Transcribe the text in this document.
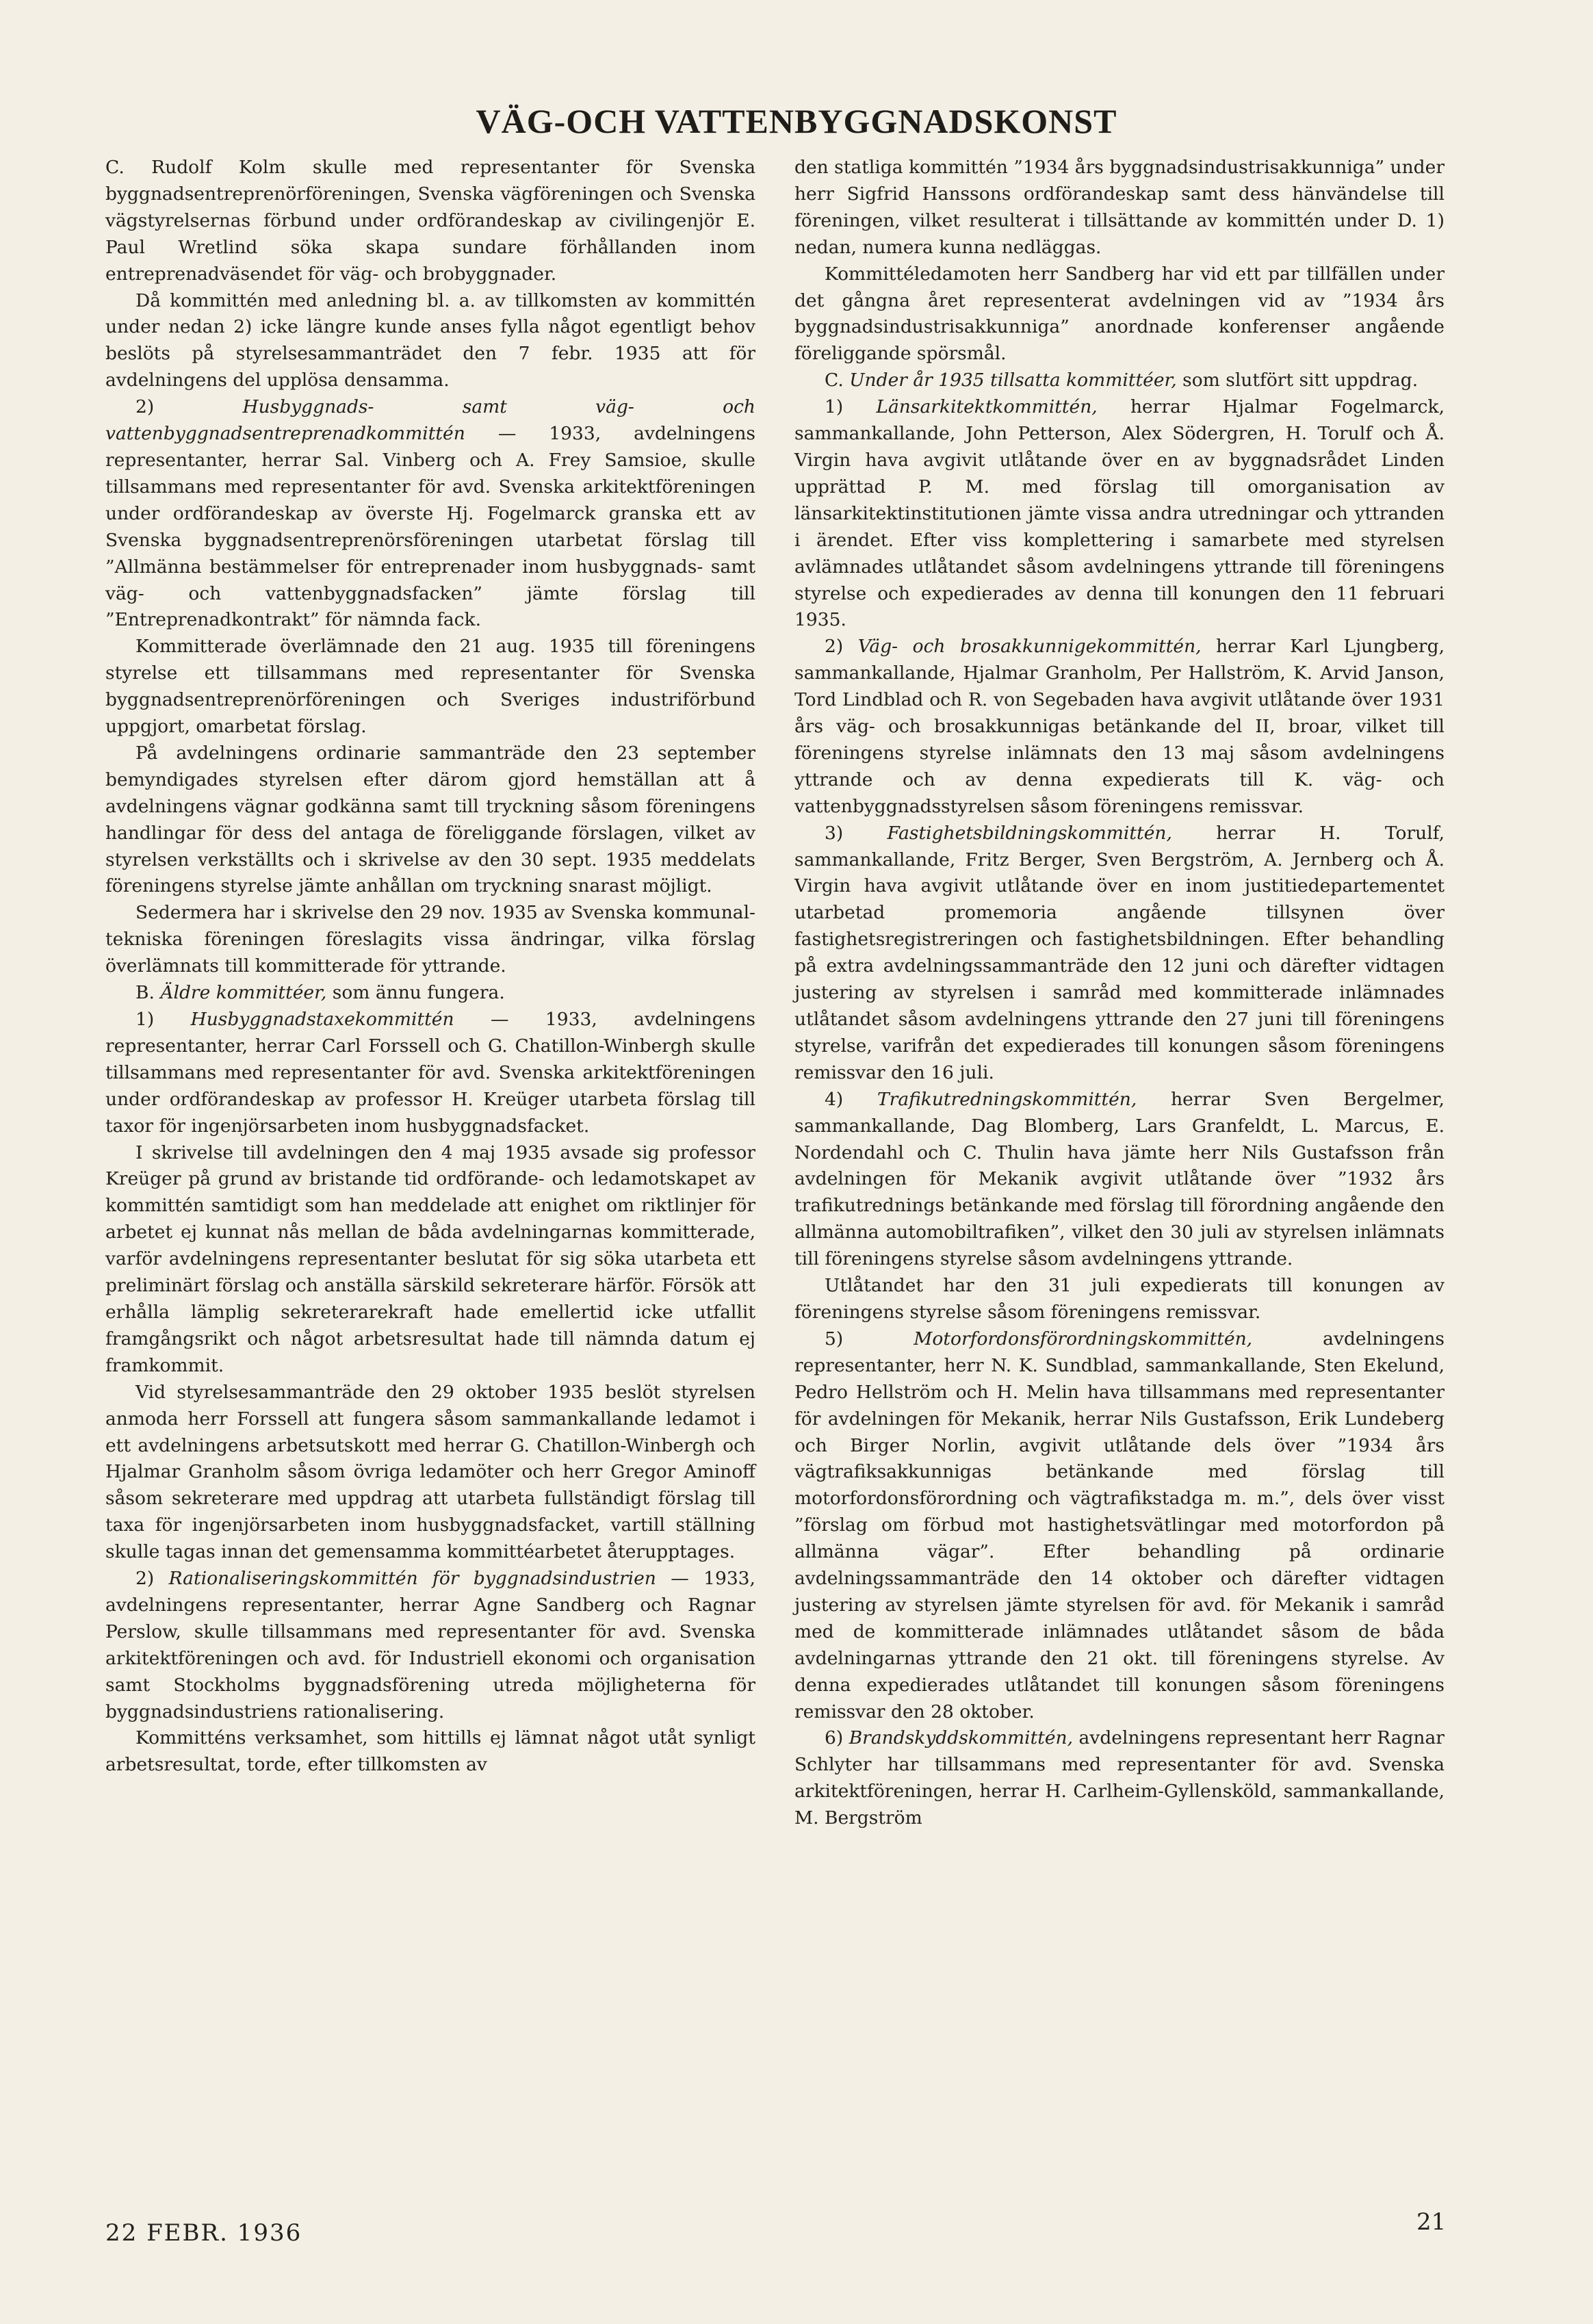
VÄG-OCH VATTENBYGGNADSKONST

C. Rudolf Kolm skulle med representanter för Svenska byggnadsentreprenörföreningen, Svenska vägföreningen och Svenska vägstyrelsernas förbund under ordförandeskap av civilingenjör E. Paul Wretlind söka skapa sundare förhållanden inom entreprenadväsendet för väg- och brobyggnader.

Då kommittén med anledning bl. a. av tillkomsten av kommittén under nedan 2) icke längre kunde anses fylla något egentligt behov beslöts på styrelsesammanträdet den 7 febr. 1935 att för avdelningens del upplösa densamma.

2)	Husbyggnads- samt väg- och vattenbyggnadsentreprenadkommittén — 1933, avdelningens representanter, herrar Sal. Vinberg och A. Frey Samsioe, skulle tillsammans med representanter för avd. Svenska arkitektföreningen under ordförandeskap av överste Hj. Fogelmarck granska ett av Svenska byggnadsentreprenörsföreningen utarbetat förslag till ”Allmänna bestämmelser för entreprenader inom husbyggnads- samt väg- och vattenbyggnadsfacken” jämte förslag till ”Entreprenadkontrakt” för nämnda fack.

Kommitterade överlämnade den 21 aug. 1935 till föreningens styrelse ett tillsammans med representanter för Svenska byggnadsentreprenörföreningen och Sveriges industriförbund uppgjort, omarbetat förslag.

På avdelningens ordinarie sammanträde den 23 september bemyndigades styrelsen efter därom gjord hemställan att å avdelningens vägnar godkänna samt till tryckning såsom föreningens handlingar för dess del antaga de föreliggande förslagen, vilket av styrelsen verkställts och i skrivelse av den 30 sept. 1935 meddelats föreningens styrelse jämte anhållan om tryckning snarast möjligt.

Sedermera har i skrivelse den 29 nov. 1935 av Svenska kommunal-tekniska föreningen föreslagits vissa ändringar, vilka förslag överlämnats till kommitterade för yttrande.

B. Äldre kommittéer, som ännu fungera.

1) Husbyggnadstaxekommittén — 1933, avdelningens representanter, herrar Carl Forssell och G. Chatillon-Winbergh skulle tillsammans med representanter för avd. Svenska arkitektföreningen under ordförandeskap av professor H. Kreüger utarbeta förslag till taxor för ingenjörsarbeten inom husbyggnadsfacket.

I skrivelse till avdelningen den 4 maj 1935 avsade sig professor Kreüger på grund av bristande tid ordförande- och ledamotskapet av kommittén samtidigt som han meddelade att enighet om riktlinjer för arbetet ej kunnat nås mellan de båda avdelningarnas kommitterade, varför avdelningens representanter beslutat för sig söka utarbeta ett preliminärt förslag och anställa särskild sekreterare härför. Försök att erhålla lämplig sekreterarekraft hade emellertid icke utfallit framgångsrikt och något arbetsresultat hade till nämnda datum ej framkommit.

Vid styrelsesammanträde den 29 oktober 1935 beslöt styrelsen anmoda herr Forssell att fungera såsom sammankallande ledamot i ett avdelningens arbetsutskott med herrar G. Chatillon-Winbergh och Hjalmar Granholm såsom övriga ledamöter och herr Gregor Aminoff såsom sekreterare med uppdrag att utarbeta fullständigt förslag till taxa för ingenjörsarbeten inom husbyggnadsfacket, vartill ställning skulle tagas innan det gemensamma kommittéarbetet återupptages.

2) Rationaliseringskommittén för byggnadsindustrien — 1933, avdelningens representanter, herrar Agne Sandberg och Ragnar Perslow, skulle tillsammans med representanter för avd. Svenska arkitektföreningen och avd. för Industriell ekonomi och organisation samt Stockholms byggnadsförening utreda möjligheterna för byggnadsindustriens rationalisering.

Kommitténs verksamhet, som hittills ej lämnat något utåt synligt arbetsresultat, torde, efter tillkomsten av

den statliga kommittén ”1934 års byggnadsindustrisakkunniga” under herr Sigfrid Hanssons ordförandeskap samt dess hänvändelse till föreningen, vilket resulterat i tillsättande av kommittén under D. 1) nedan, numera kunna nedläggas.

Kommittéledamoten herr Sandberg har vid ett par tillfällen under det gångna året representerat avdelningen vid av ”1934 års byggnadsindustrisakkunniga” anordnade konferenser angående föreliggande spörsmål.

C. Under år 1935 tillsatta kommittéer, som slutfört sitt uppdrag.

1) Länsarkitektkommittén, herrar Hjalmar Fogelmarck, sammankallande, John Petterson, Alex Södergren, H. Torulf och Å. Virgin hava avgivit utlåtande över en av byggnadsrådet Linden upprättad P. M. med förslag till omorganisation av länsarkitektinstitutionen jämte vissa andra utredningar och yttranden i ärendet. Efter viss komplettering i samarbete med styrelsen avlämnades utlåtandet såsom avdelningens yttrande till föreningens styrelse och expedierades av denna till konungen den 11 februari 1935.

2) Väg- och brosakkunnigekommittén, herrar Karl Ljungberg, sammankallande, Hjalmar Granholm, Per Hallström, K. Arvid Janson, Tord Lindblad och R. von Segebaden hava avgivit utlåtande över 1931 års väg- och brosakkunnigas betänkande del II, broar, vilket till föreningens styrelse inlämnats den 13 maj såsom avdelningens yttrande och av denna expedierats till K. väg- och vattenbyggnadsstyrelsen såsom föreningens remissvar.

3) Fastighetsbildningskommittén, herrar H. Torulf, sammankallande, Fritz Berger, Sven Bergström, A. Jernberg och Å. Virgin hava avgivit utlåtande över en inom justitiedepartementet utarbetad promemoria angående tillsynen över fastighetsregistreringen och fastighetsbildningen. Efter behandling på extra avdelningssammanträde den 12 juni och därefter vidtagen justering av styrelsen i samråd med kommitterade inlämnades utlåtandet såsom avdelningens yttrande den 27 juni till föreningens styrelse, varifrån det expedierades till konungen såsom föreningens remissvar den 16 juli.

4) Trafikutredningskommittén, herrar Sven Bergelmer, sammankallande, Dag Blomberg, Lars Granfeldt, L. Marcus, E. Nordendahl och C. Thulin hava jämte herr Nils Gustafsson från avdelningen för Mekanik avgivit utlåtande över ”1932 års trafikutrednings betänkande med förslag till förordning angående den allmänna automobiltrafiken”, vilket den 30 juli av styrelsen inlämnats till föreningens styrelse såsom avdelningens yttrande.

Utlåtandet har den 31 juli expedierats till konungen av föreningens styrelse såsom föreningens remissvar.

5)	Motorfordonsförordningskommittén,	avdelningens representanter, herr N. K. Sundblad, sammankallande, Sten Ekelund, Pedro Hellström och H. Melin hava tillsammans med representanter för avdelningen för Mekanik, herrar Nils Gustafsson, Erik Lundeberg och Birger Norlin, avgivit utlåtande dels över ”1934 års vägtrafiksakkunnigas betänkande med förslag till motorfordonsförordning och vägtrafikstadga m. m.”, dels över visst ”förslag om förbud mot hastighetsvätlingar med motorfordon på allmänna vägar”. Efter behandling på ordinarie avdelningssammanträde den 14 oktober och därefter vidtagen justering av styrelsen jämte styrelsen för avd. för Mekanik i samråd med de kommitterade inlämnades utlåtandet såsom de båda avdelningarnas yttrande den 21 okt. till föreningens styrelse. Av denna expedierades utlåtandet till konungen såsom föreningens remissvar den 28 oktober.

6) Brandskyddskommittén, avdelningens representant herr Ragnar Schlyter har tillsammans med representanter för avd. Svenska arkitektföreningen, herrar H. Carlheim-Gyllensköld, sammankallande, M. Bergström

22 FEBR. 1936	21
